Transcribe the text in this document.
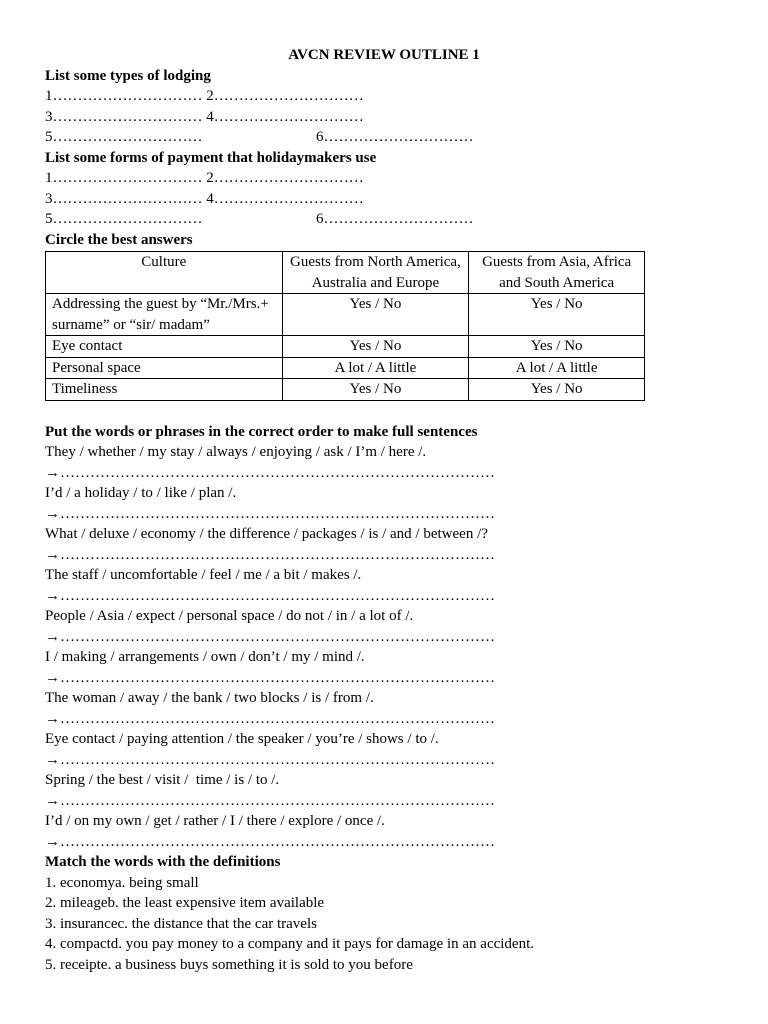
AVCN REVIEW OUTLINE 1
List some types of lodging
1………………………… 2…………………………
3………………………… 4…………………………
5…………………………	6…………………………
List some forms of payment that holidaymakers use
1………………………… 2…………………………
3………………………… 4…………………………
5…………………………	6…………………………
Circle the best answers
Culture	Guests from North America, Australia and Europe	Guests from Asia, Africa and South America
Addressing the guest by “Mr./Mrs.+ surname” or “sir/ madam”	Yes / No	Yes / No
Eye contact	Yes / No	Yes / No
Personal space	A lot / A little	A lot / A little
Timeliness	Yes / No	Yes / No
Put the words or phrases in the correct order to make full sentences
They / whether / my stay / always / enjoying / ask / I’m / here /.
→……………………………………………………………………………
I’d / a holiday / to / like / plan /.
→……………………………………………………………………………
What / deluxe / economy / the difference / packages / is / and / between /?
→……………………………………………………………………………
The staff / uncomfortable / feel / me / a bit / makes /.
→……………………………………………………………………………
People / Asia / expect / personal space / do not / in / a lot of /.
→……………………………………………………………………………
I / making / arrangements / own / don’t / my / mind /.
→……………………………………………………………………………
The woman / away / the bank / two blocks / is / from /.
→……………………………………………………………………………
Eye contact / paying attention / the speaker / you’re / shows / to /.
→……………………………………………………………………………
Spring / the best / visit /  time / is / to /.
→……………………………………………………………………………
I’d / on my own / get / rather / I / there / explore / once /.
→……………………………………………………………………………
Match the words with the definitions
1. economya. being small
2. mileageb. the least expensive item available
3. insurancec. the distance that the car travels
4. compactd. you pay money to a company and it pays for damage in an accident.
5. receipte. a business buys something it is sold to you before
